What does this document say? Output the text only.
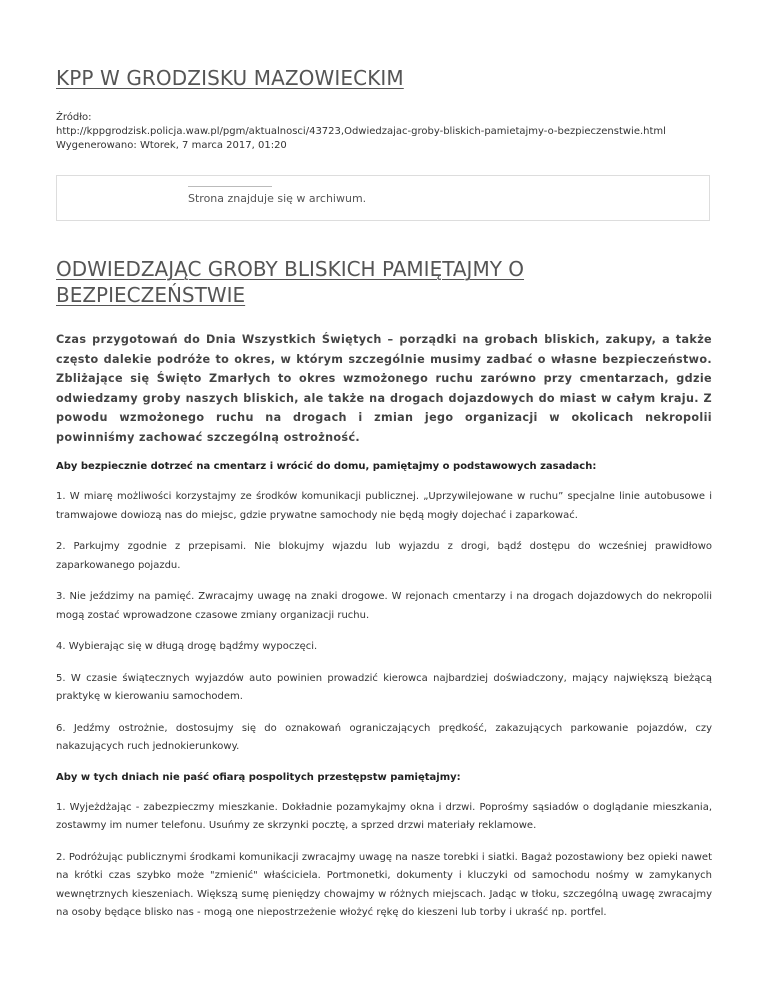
KPP W GRODZISKU MAZOWIECKIM
Źródło:
http://kppgrodzisk.policja.waw.pl/pgm/aktualnosci/43723,Odwiedzajac-groby-bliskich-pamietajmy-o-bezpieczenstwie.html
Wygenerowano: Wtorek, 7 marca 2017, 01:20
Strona znajduje się w archiwum.
ODWIEDZAJĄC GROBY BLISKICH PAMIĘTAJMY O BEZPIECZEŃSTWIE

Czas przygotowań do Dnia Wszystkich Świętych – porządki na grobach bliskich, zakupy, a także często dalekie podróże to okres, w którym szczególnie musimy zadbać o własne bezpieczeństwo. Zbliżające się Święto Zmarłych to okres wzmożonego ruchu zarówno przy cmentarzach, gdzie odwiedzamy groby naszych bliskich, ale także na drogach dojazdowych do miast w całym kraju. Z powodu wzmożonego ruchu na drogach i zmian jego organizacji w okolicach nekropolii powinniśmy zachować szczególną ostrożność.

Aby bezpiecznie dotrzeć na cmentarz i wrócić do domu, pamiętajmy o podstawowych zasadach:

1. W miarę możliwości korzystajmy ze środków komunikacji publicznej. „Uprzywilejowane w ruchu” specjalne linie autobusowe i tramwajowe dowiozą nas do miejsc, gdzie prywatne samochody nie będą mogły dojechać i zaparkować.

2. Parkujmy zgodnie z przepisami. Nie blokujmy wjazdu lub wyjazdu z drogi, bądź dostępu do wcześniej prawidłowo zaparkowanego pojazdu.

3. Nie jeździmy na pamięć. Zwracajmy uwagę na znaki drogowe. W rejonach cmentarzy i na drogach dojazdowych do nekropolii mogą zostać wprowadzone czasowe zmiany organizacji ruchu.

4. Wybierając się w długą drogę bądźmy wypoczęci.

5. W czasie świątecznych wyjazdów auto powinien prowadzić kierowca najbardziej doświadczony, mający największą bieżącą praktykę w kierowaniu samochodem.

6. Jedźmy ostrożnie, dostosujmy się do oznakowań ograniczających prędkość, zakazujących parkowanie pojazdów, czy nakazujących ruch jednokierunkowy.

Aby w tych dniach nie paść ofiarą pospolitych przestępstw pamiętajmy:

1. Wyjeżdżając - zabezpieczmy mieszkanie. Dokładnie pozamykajmy okna i drzwi. Poprośmy sąsiadów o doglądanie mieszkania, zostawmy im numer telefonu. Usuńmy ze skrzynki pocztę, a sprzed drzwi materiały reklamowe.

2. Podróżując publicznymi środkami komunikacji zwracajmy uwagę na nasze torebki i siatki. Bagaż pozostawiony bez opieki nawet na krótki czas szybko może "zmienić" właściciela. Portmonetki, dokumenty i kluczyki od samochodu nośmy w zamykanych wewnętrznych kieszeniach. Większą sumę pieniędzy chowajmy w różnych miejscach. Jadąc w tłoku, szczególną uwagę zwracajmy na osoby będące blisko nas - mogą one niepostrzeżenie włożyć rękę do kieszeni lub torby i ukraść np. portfel.
